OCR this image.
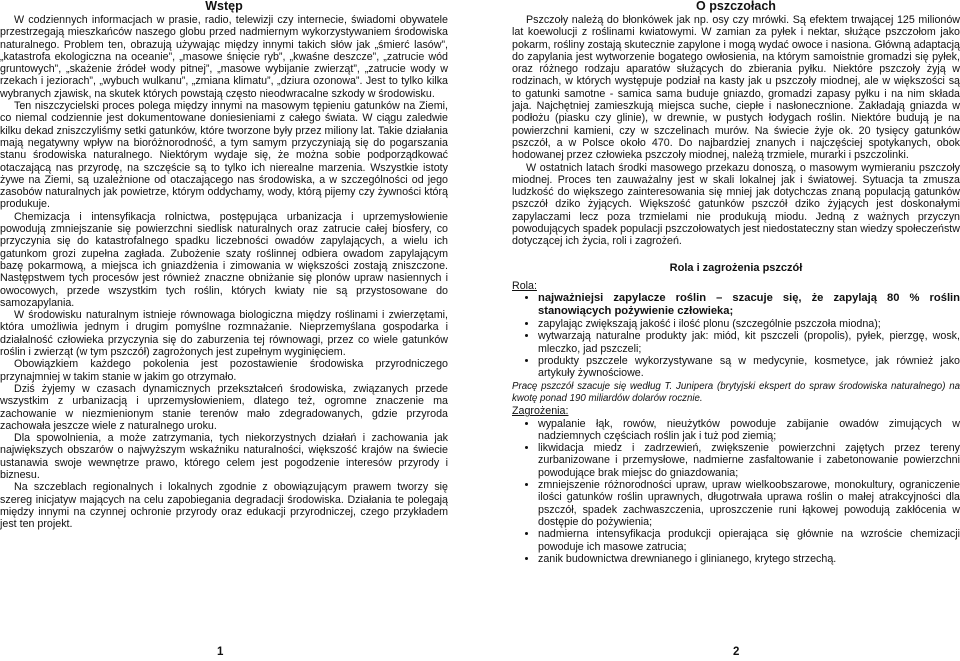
Wstęp

W codziennych informacjach w prasie, radio, telewizji czy internecie, świadomi obywatele przestrzegają mieszkańców naszego globu przed nadmiernym wykorzystywaniem środowiska naturalnego. Problem ten, obrazują używając między innymi takich słów jak „śmierć lasów”, „katastrofa ekologiczna na oceanie”, „masowe śnięcie ryb”, „kwaśne deszcze”, „zatrucie wód gruntowych”, „skażenie źródeł wody pitnej”, „masowe wybijanie zwierząt”, „zatrucie wody w rzekach i jeziorach”, „wybuch wulkanu”, „zmiana klimatu”, „dziura ozonowa”. Jest to tylko kilka wybranych zjawisk, na skutek których powstają często nieodwracalne szkody w środowisku.

Ten niszczycielski proces polega między innymi na masowym tępieniu gatunków na Ziemi, co niemal codziennie jest dokumentowane doniesieniami z całego świata. W ciągu zaledwie kilku dekad zniszczyliśmy setki gatunków, które tworzone były przez miliony lat. Takie działania mają negatywny wpływ na bioróżnorodność, a tym samym przyczyniają się do pogarszania stanu środowiska naturalnego. Niektórym wydaje się, że można sobie podporządkować otaczającą nas przyrodę, na szczęście są to tylko ich nierealne marzenia. Wszystkie istoty żywe na Ziemi, są uzależnione od otaczającego nas środowiska, a w szczególności od jego zasobów naturalnych jak powietrze, którym oddychamy, wody, którą pijemy czy żywności którą produkuje.

Chemizacja i intensyfikacja rolnictwa, postępująca urbanizacja i uprzemysłowienie powodują zmniejszanie się powierzchni siedlisk naturalnych oraz zatrucie całej biosfery, co przyczynia się do katastrofalnego spadku liczebności owadów zapylających, a wielu ich gatunkom grozi zupełna zagłada. Zubożenie szaty roślinnej odbiera owadom zapylającym bazę pokarmową, a miejsca ich gniazdżenia i zimowania w większości zostają zniszczone. Następstwem tych procesów jest również znaczne obniżanie się plonów upraw nasiennych i owocowych, przede wszystkim tych roślin, których kwiaty nie są przystosowane do samozapylania.

W środowisku naturalnym istnieje równowaga biologiczna między roślinami i zwierzętami, która umożliwia jednym i drugim pomyślne rozmnażanie. Nieprzemyślana gospodarka i działalność człowieka przyczynia się do zaburzenia tej równowagi, przez co wiele gatunków roślin i zwierząt (w tym pszczół) zagrożonych jest zupełnym wyginięciem.

Obowiązkiem każdego pokolenia jest pozostawienie środowiska przyrodniczego przynajmniej w takim stanie w jakim go otrzymało.

Dziś żyjemy w czasach dynamicznych przekształceń środowiska, związanych przede wszystkim z urbanizacją i uprzemysłowieniem, dlatego też, ogromne znaczenie ma zachowanie w niezmienionym stanie terenów mało zdegradowanych, gdzie przyroda zachowała jeszcze wiele z naturalnego uroku.

Dla spowolnienia, a może zatrzymania, tych niekorzystnych działań i zachowania jak największych obszarów o najwyższym wskaźniku naturalności, większość krajów na świecie ustanawia swoje wewnętrze prawo, którego celem jest pogodzenie interesów przyrody i biznesu.

Na szczeblach regionalnych i lokalnych zgodnie z obowiązującym prawem tworzy się szereg inicjatyw mających na celu zapobiegania degradacji środowiska. Działania te polegają między innymi na czynnej ochronie przyrody oraz edukacji przyrodniczej, czego przykładem jest ten projekt.

O pszczołach

Pszczoły należą do błonkówek jak np. osy czy mrówki. Są efektem trwającej 125 milionów lat koewolucji z roślinami kwiatowymi. W zamian za pyłek i nektar, służące pszczołom jako pokarm, rośliny zostają skutecznie zapylone i mogą wydać owoce i nasiona. Główną adaptacją do zapylania jest wytworzenie bogatego owłosienia, na którym samoistnie gromadzi się pyłek, oraz różnego rodzaju aparatów służących do zbierania pyłku. Niektóre pszczoły żyją w rodzinach, w których występuje podział na kasty jak u pszczoły miodnej, ale w większości są to gatunki samotne - samica sama buduje gniazdo, gromadzi zapasy pyłku i na nim składa jaja. Najchętniej zamieszkują miejsca suche, ciepłe i nasłonecznione. Zakładają gniazda w podłożu (piasku czy glinie), w drewnie, w pustych łodygach roślin. Niektóre budują je na powierzchni kamieni, czy w szczelinach murów. Na świecie żyje ok. 20 tysięcy gatunków pszczół, a w Polsce około 470. Do najbardziej znanych i najczęściej spotykanych, obok hodowanej przez człowieka pszczoły miodnej, należą trzmiele, murarki i pszczolinki.

W ostatnich latach środki masowego przekazu donoszą, o masowym wymieraniu pszczoły miodnej. Proces ten zauważalny jest w skali lokalnej jak i światowej. Sytuacja ta zmusza ludzkość do większego zainteresowania się mniej jak dotychczas znaną populacją gatunków pszczół dziko żyjących. Większość gatunków pszczół dziko żyjących jest doskonałymi zapylaczami lecz poza trzmielami nie produkują miodu. Jedną z ważnych przyczyn powodujących spadek populacji pszczołowatych jest niedostateczny stan wiedzy społeczeństw dotyczącej ich życia, roli i zagrożeń.

Rola i zagrożenia pszczół

Rola:

• najważniejsi zapylacze roślin – szacuje się, że zapylają 80 % roślin stanowiących pożywienie człowieka;
• zapylając zwiększają jakość i ilość plonu (szczególnie pszczoła miodna);
• wytwarzają naturalne produkty jak: miód, kit pszczeli (propolis), pyłek, pierzgę, wosk, mleczko, jad pszczeli;
• produkty pszczele wykorzystywane są w medycynie, kosmetyce, jak również jako artykuły żywnościowe.

Pracę pszczół szacuje się według T. Junipera (brytyjski ekspert do spraw środowiska naturalnego) na kwotę ponad 190 miliardów dolarów rocznie.

Zagrożenia:

• wypalanie łąk, rowów, nieużytków powoduje zabijanie owadów zimujących w nadziemnych częściach roślin jak i tuż pod ziemią;
• likwidacja miedz i zadrzewień, zwiększenie powierzchni zajętych przez tereny zurbanizowane i przemysłowe, nadmierne zasfaltowanie i zabetonowanie powierzchni powodujące brak miejsc do gniazdowania;
• zmniejszenie różnorodności upraw, upraw wielkoobszarowe, monokultury, ograniczenie ilości gatunków roślin uprawnych, długotrwała uprawa roślin o małej atrakcyjności dla pszczół, spadek zachwaszczenia, uproszczenie runi łąkowej powodują zakłócenia w dostępie do pożywienia;
• nadmierna intensyfikacja produkcji opierająca się głównie na wzroście chemizacji powoduje ich masowe zatrucia;
• zanik budownictwa drewnianego i glinianego, krytego strzechą.
1	2
